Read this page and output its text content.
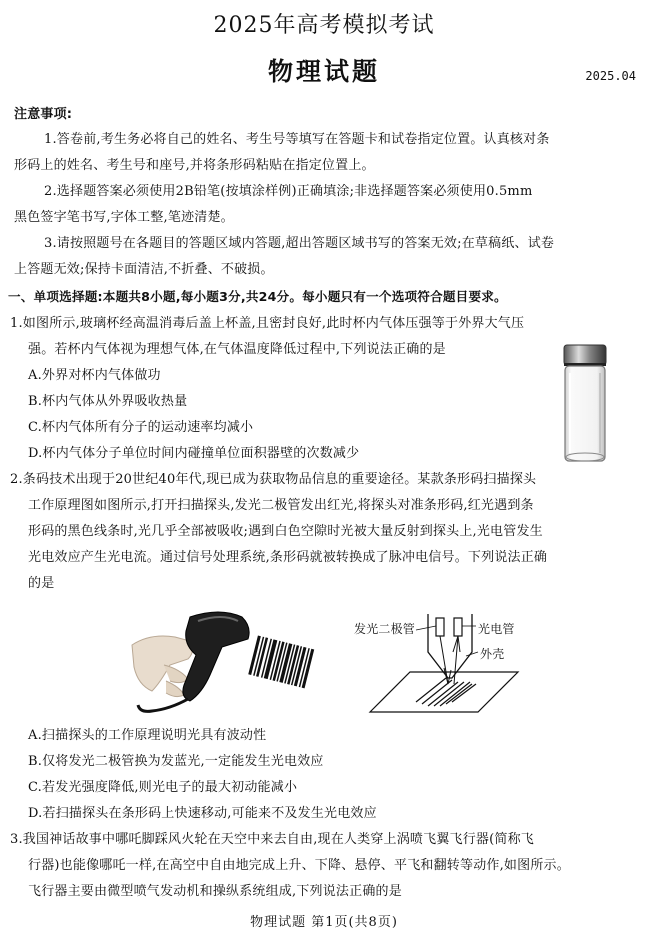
2025年高考模拟考试
物理试题	2025.04
注意事项:
1.答卷前,考生务必将自己的姓名、考生号等填写在答题卡和试卷指定位置。认真核对条
形码上的姓名、考生号和座号,并将条形码粘贴在指定位置上。
2.选择题答案必须使用2B铅笔(按填涂样例)正确填涂;非选择题答案必须使用0.5mm
黑色签字笔书写,字体工整,笔迹清楚。
3.请按照题号在各题目的答题区域内答题,超出答题区域书写的答案无效;在草稿纸、试卷
上答题无效;保持卡面清洁,不折叠、不破损。
一、单项选择题:本题共8小题,每小题3分,共24分。每小题只有一个选项符合题目要求。
1.如图所示,玻璃杯经高温消毒后盖上杯盖,且密封良好,此时杯内气体压强等于外界大气压
强。若杯内气体视为理想气体,在气体温度降低过程中,下列说法正确的是
A.外界对杯内气体做功
B.杯内气体从外界吸收热量
C.杯内气体所有分子的运动速率均减小
D.杯内气体分子单位时间内碰撞单位面积器壁的次数减少
2.条码技术出现于20世纪40年代,现已成为获取物品信息的重要途径。某款条形码扫描探头
工作原理图如图所示,打开扫描探头,发光二极管发出红光,将探头对准条形码,红光遇到条
形码的黑色线条时,光几乎全部被吸收;遇到白色空隙时光被大量反射到探头上,光电管发生
光电效应产生光电流。通过信号处理系统,条形码就被转换成了脉冲电信号。下列说法正确
的是
发光二极管	光电管
外壳
A.扫描探头的工作原理说明光具有波动性
B.仅将发光二极管换为发蓝光,一定能发生光电效应
C.若发光强度降低,则光电子的最大初动能减小
D.若扫描探头在条形码上快速移动,可能来不及发生光电效应
3.我国神话故事中哪吒脚踩风火轮在天空中来去自由,现在人类穿上涡喷飞翼飞行器(简称飞
行器)也能像哪吒一样,在高空中自由地完成上升、下降、悬停、平飞和翻转等动作,如图所示。
飞行器主要由微型喷气发动机和操纵系统组成,下列说法正确的是
物理试题 第1页(共8页)
